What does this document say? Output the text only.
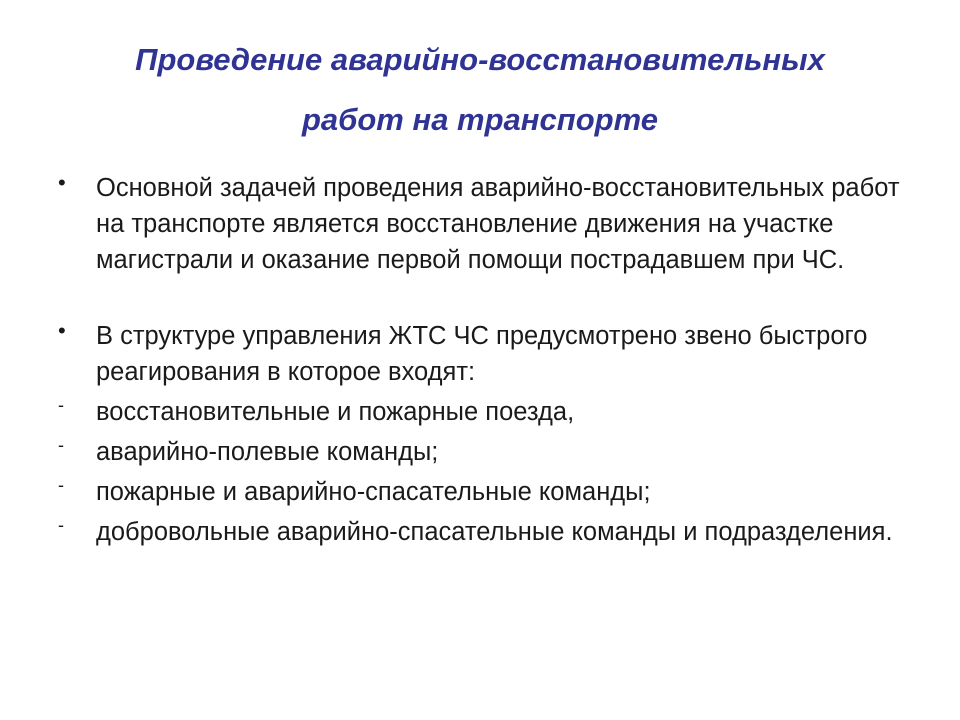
Проведение аварийно-восстановительных
работ на транспорте
•	Основной задачей проведения аварийно-восстановительных работ на транспорте является восстановление движения на участке магистрали и оказание первой помощи пострадавшем при ЧС.
•	В структуре управления ЖТС ЧС предусмотрено звено быстрого реагирования в которое входят:
-	восстановительные и пожарные поезда,
-	аварийно-полевые команды;
-	пожарные и аварийно-спасательные команды;
-	добровольные аварийно-спасательные команды и подразделения.
